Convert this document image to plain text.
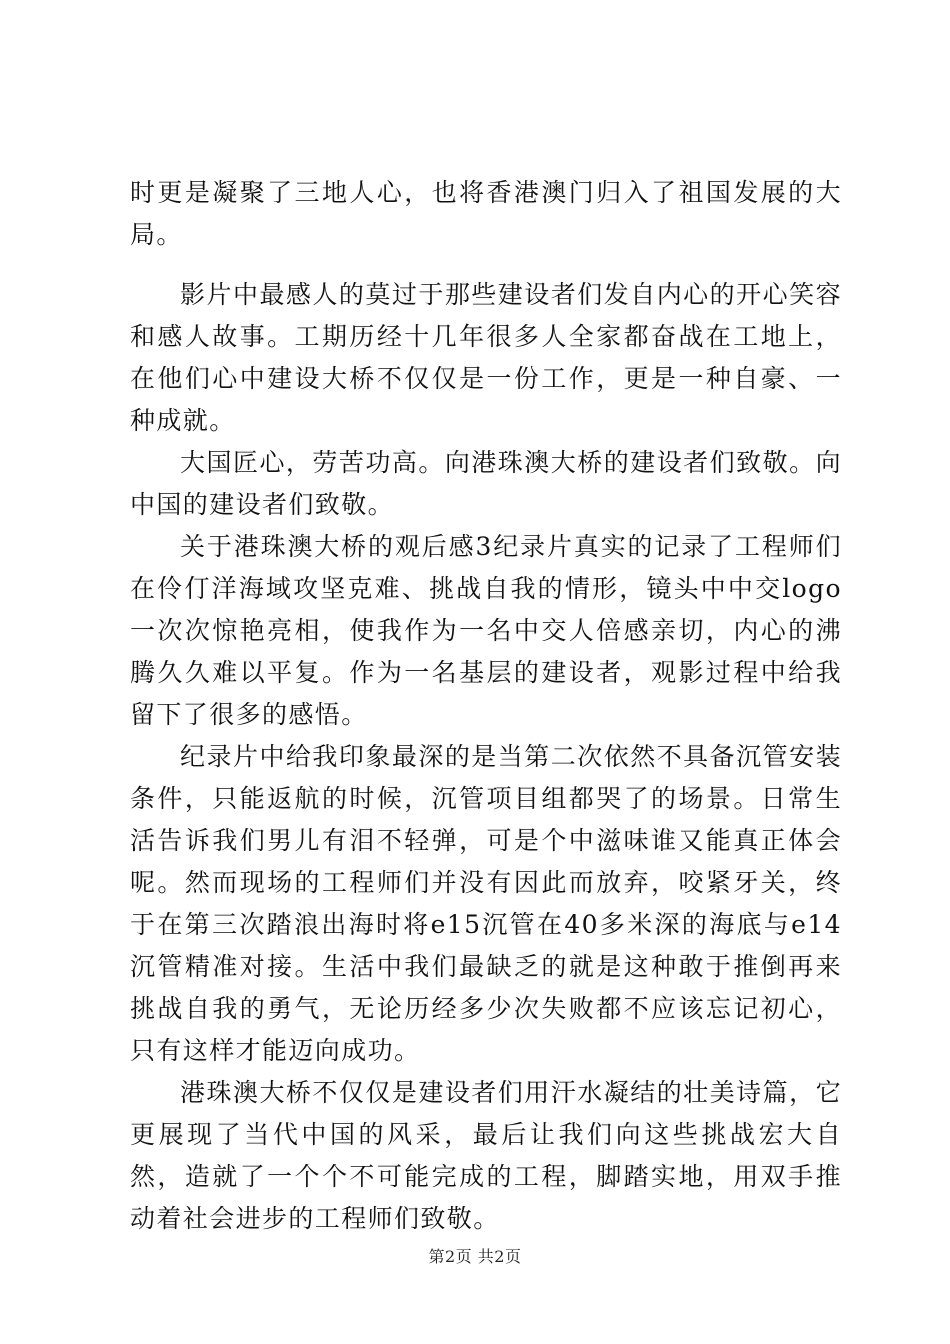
时更是凝聚了三地人心，也将香港澳门归入了祖国发展的大局。

影片中最感人的莫过于那些建设者们发自内心的开心笑容和感人故事。工期历经十几年很多人全家都奋战在工地上，在他们心中建设大桥不仅仅是一份工作，更是一种自豪、一种成就。

大国匠心，劳苦功高。向港珠澳大桥的建设者们致敬。向中国的建设者们致敬。

关于港珠澳大桥的观后感3纪录片真实的记录了工程师们在伶仃洋海域攻坚克难、挑战自我的情形，镜头中中交logo一次次惊艳亮相，使我作为一名中交人倍感亲切，内心的沸腾久久难以平复。作为一名基层的建设者，观影过程中给我留下了很多的感悟。

纪录片中给我印象最深的是当第二次依然不具备沉管安装条件，只能返航的时候，沉管项目组都哭了的场景。日常生活告诉我们男儿有泪不轻弹，可是个中滋味谁又能真正体会呢。然而现场的工程师们并没有因此而放弃，咬紧牙关，终于在第三次踏浪出海时将e15沉管在40多米深的海底与e14沉管精准对接。生活中我们最缺乏的就是这种敢于推倒再来挑战自我的勇气，无论历经多少次失败都不应该忘记初心，只有这样才能迈向成功。

港珠澳大桥不仅仅是建设者们用汗水凝结的壮美诗篇，它更展现了当代中国的风采，最后让我们向这些挑战宏大自然，造就了一个个不可能完成的工程，脚踏实地，用双手推动着社会进步的工程师们致敬。

第2页 共2页
